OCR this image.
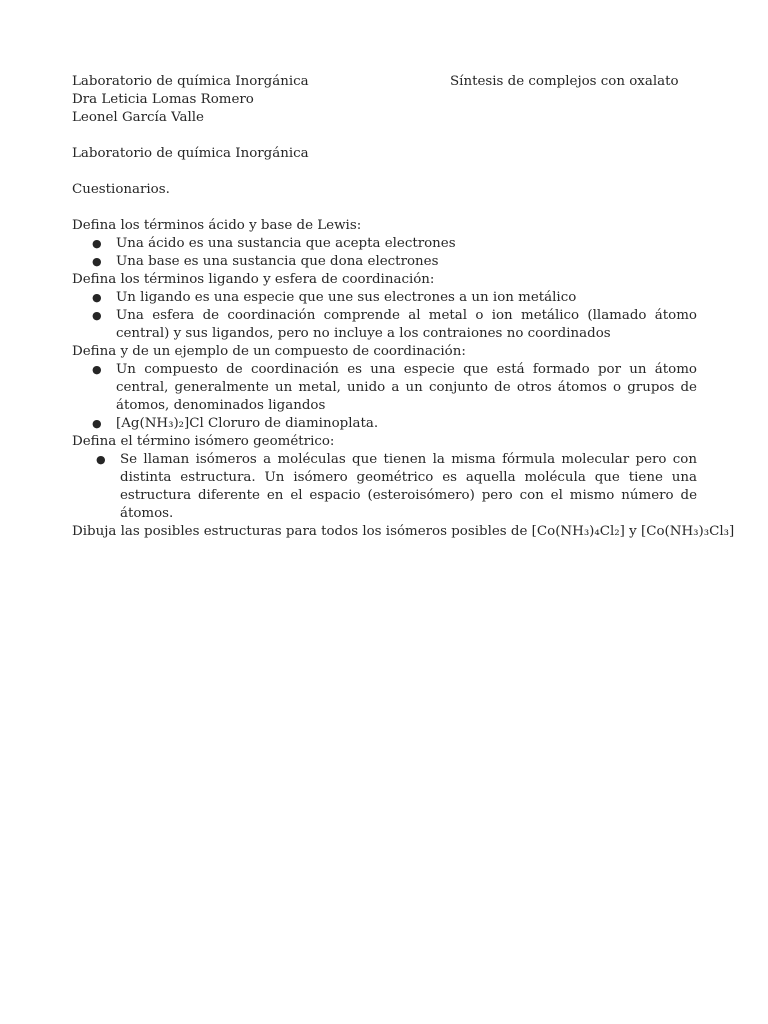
Laboratorio de química Inorgánica	Síntesis de complejos con oxalato
Dra Leticia Lomas Romero
Leonel García Valle
Laboratorio de química Inorgánica
Cuestionarios.
Defina los términos ácido y base de Lewis:
● Una ácido es una sustancia que acepta electrones
● Una base es una sustancia que dona electrones
Defina los términos ligando y esfera de coordinación:
● Un ligando es una especie que une sus electrones a un ion metálico
● Una esfera de coordinación comprende al metal o ion metálico (llamado átomo central) y sus ligandos, pero no incluye a los contraiones no coordinados
Defina y de un ejemplo de un compuesto de coordinación:
● Un compuesto de coordinación es una especie que está formado por un átomo central, generalmente un metal, unido a un conjunto de otros átomos o grupos de átomos, denominados ligandos
● [Ag(NH₃)₂]Cl Cloruro de diaminoplata.
Defina el término isómero geométrico:
● Se llaman isómeros a moléculas que tienen la misma fórmula molecular pero con distinta estructura. Un isómero geométrico es aquella molécula que tiene una estructura diferente en el espacio (esteroisómero) pero con el mismo número de átomos.
Dibuja las posibles estructuras para todos los isómeros posibles de [Co(NH₃)₄Cl₂] y [Co(NH₃)₃Cl₃]
